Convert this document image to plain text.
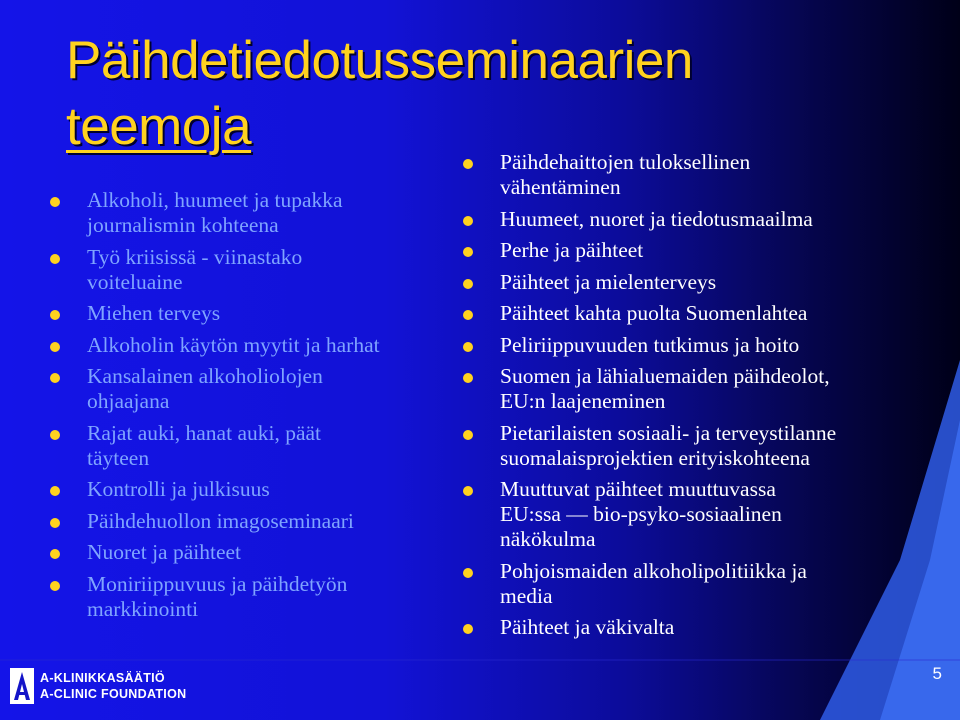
Päihdetiedotusseminaarien
teemoja
Alkoholi, huumeet ja tupakka
journalismin kohteena
Työ kriisissä - viinastako
voiteluaine
Miehen terveys
Alkoholin käytön myytit ja harhat
Kansalainen alkoholiolojen
ohjaajana
Rajat auki, hanat auki, päät
täyteen
Kontrolli ja julkisuus
Päihdehuollon imagoseminaari
Nuoret ja päihteet
Moniriippuvuus ja päihdetyön
markkinointi
Päihdehaittojen tuloksellinen
vähentäminen
Huumeet, nuoret ja tiedotusmaailma
Perhe ja päihteet
Päihteet ja mielenterveys
Päihteet kahta puolta Suomenlahtea
Peliriippuvuuden tutkimus ja hoito
Suomen ja lähialuemaiden päihdeolot,
EU:n laajeneminen
Pietarilaisten sosiaali- ja terveystilanne
suomalaisprojektien erityiskohteena
Muuttuvat päihteet muuttuvassa
EU:ssa — bio-psyko-sosiaalinen
näkökulma
Pohjoismaiden alkoholipolitiikka ja
media
Päihteet ja väkivalta
A-KLINIKKASÄÄTIÖ
A-CLINIC FOUNDATION
5
